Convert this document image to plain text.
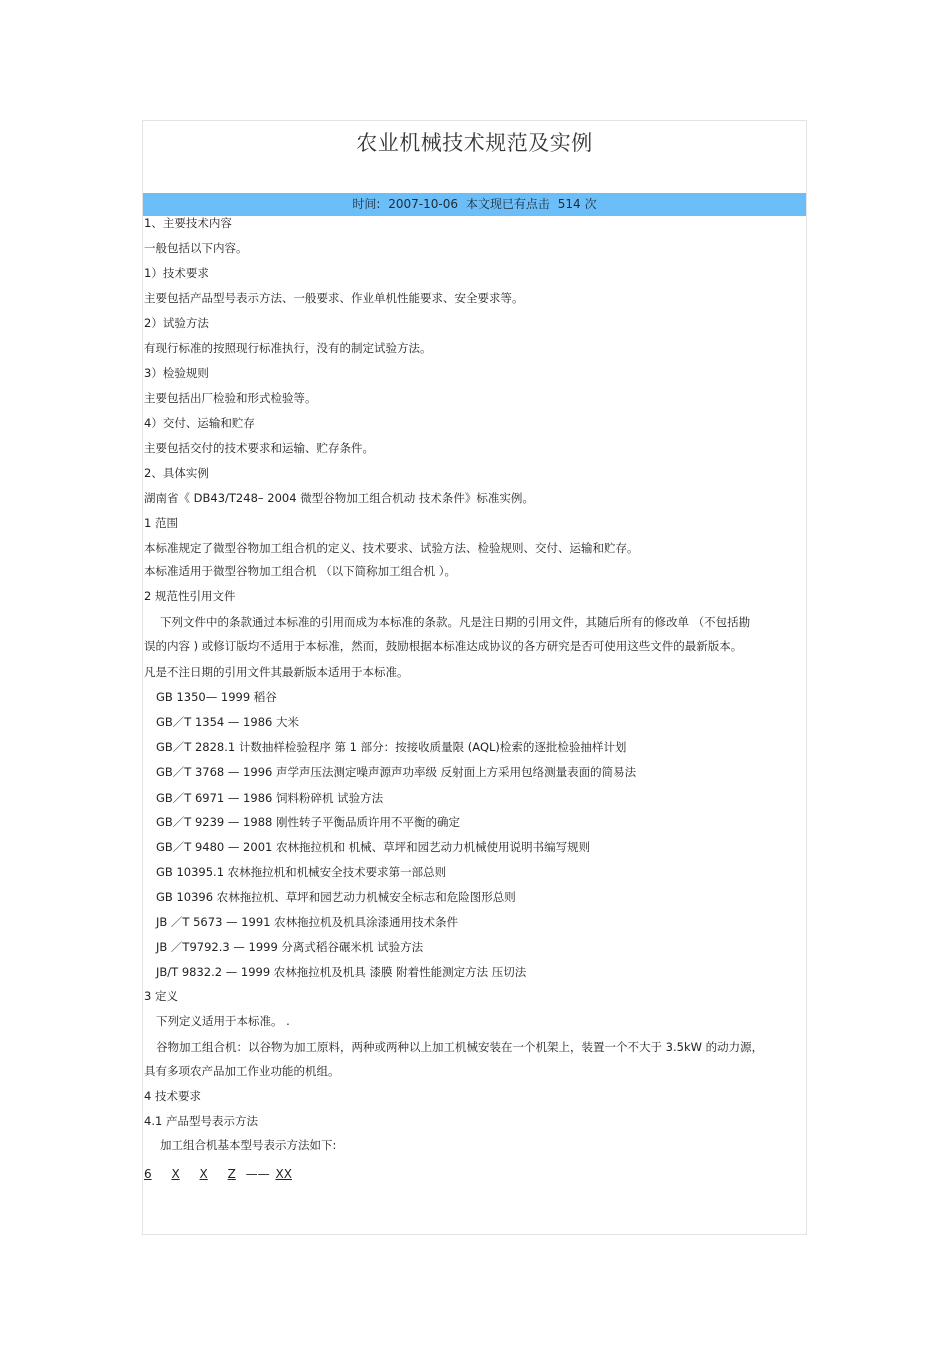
农业机械技术规范及实例
时间: 2007-10-06 本文现已有点击 514 次
1、主要技术内容
一般包括以下内容。
1）技术要求
主要包括产品型号表示方法、一般要求、作业单机性能要求、安全要求等。
2）试验方法
有现行标准的按照现行标准执行，没有的制定试验方法。
3）检验规则
主要包括出厂检验和形式检验等。
4）交付、运输和贮存
主要包括交付的技术要求和运输、贮存条件。
2、具体实例
湖南省《 DB43/T248– 2004 微型谷物加工组合机动 技术条件》标准实例。
1 范围
本标准规定了微型谷物加工组合机的定义、技术要求、试验方法、检验规则、交付、运输和贮存。
本标准适用于微型谷物加工组合机 （以下简称加工组合机 ）。
2 规范性引用文件
下列文件中的条款通过本标准的引用而成为本标准的条款。凡是注日期的引用文件，其随后所有的修改单 （不包括勘
误的内容 ) 或修订版均不适用于本标准，然而，鼓励根据本标准达成协议的各方研究是否可使用这些文件的最新版本。
凡是不注日期的引用文件其最新版本适用于本标准。
GB 1350— 1999 稻谷
GB／T 1354 — 1986 大米
GB／T 2828.1 计数抽样检验程序 第 1 部分：按接收质量限 (AQL)检索的逐批检验抽样计划
GB／T 3768 — 1996 声学声压法测定噪声源声功率级 反射面上方采用包络测量表面的简易法
GB／T 6971 — 1986 饲料粉碎机 试验方法
GB／T 9239 — 1988 刚性转子平衡品质许用不平衡的确定
GB／T 9480 — 2001 农林拖拉机和 机械、草坪和园艺动力机械使用说明书编写规则
GB 10395.1 农林拖拉机和机械安全技术要求第一部总则
GB 10396 农林拖拉机、草坪和园艺动力机械安全标志和危险图形总则
JB ／T 5673 — 1991 农林拖拉机及机具涂漆通用技术条件
JB ／T9792.3 — 1999 分离式稻谷碾米机 试验方法
JB/T 9832.2 — 1999 农林拖拉机及机具 漆膜 附着性能测定方法 压切法
3 定义
下列定义适用于本标准。 .
谷物加工组合机：以谷物为加工原料，两种或两种以上加工机械安装在一个机架上，装置一个不大于 3.5kW 的动力源，
具有多项农产品加工作业功能的机组。
4 技术要求
4.1 产品型号表示方法
加工组合机基本型号表示方法如下:
6 X X Z —— XX
